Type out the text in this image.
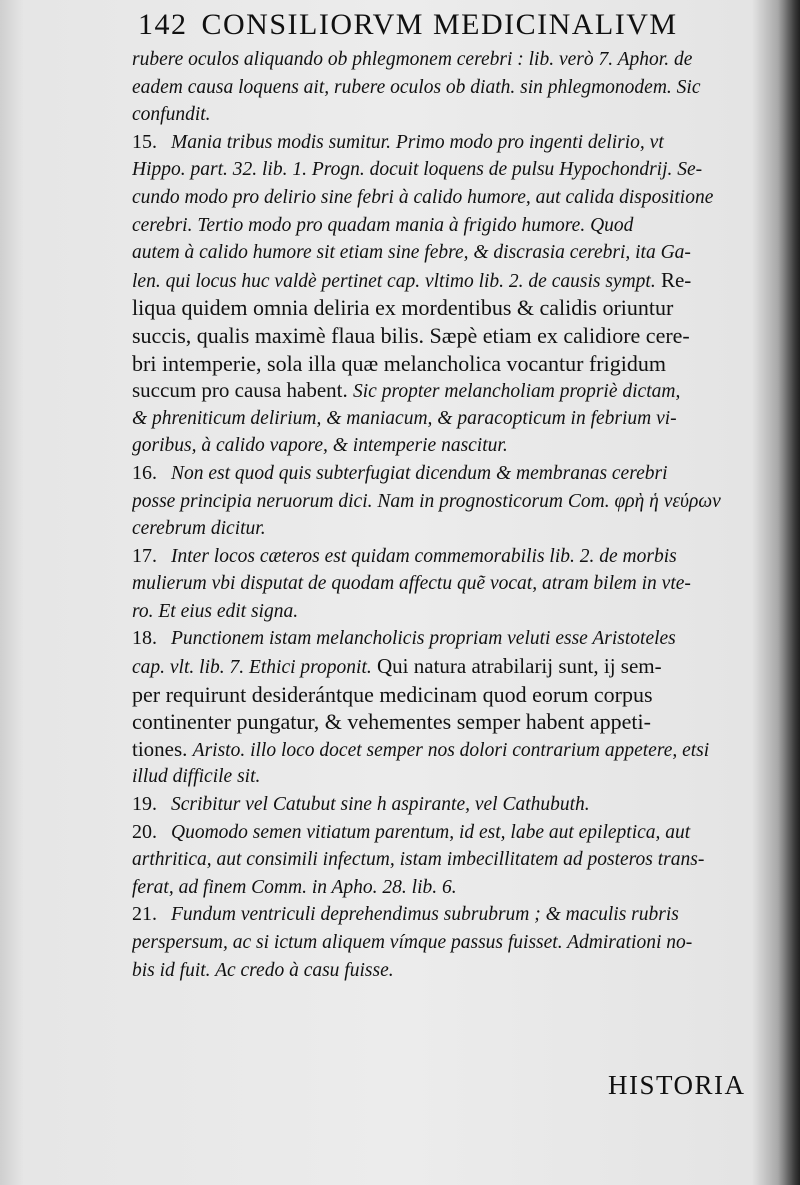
142 CONSILIORVM MEDICINALIVM
rubere oculos aliquando ob phlegmonem cerebri : lib. verò 7. Aphor. de
eadem causa loquens ait, rubere oculos ob diath. sin phlegmonodem. Sic
confundit.
15. Mania tribus modis sumitur. Primo modo pro ingenti delirio, vt
Hippo. part. 32. lib. 1. Progn. docuit loquens de pulsu Hypochondrij. Se-
cundo modo pro delirio sine febri à calido humore, aut calida dispositione
cerebri. Tertio modo pro quadam mania à frigido humore. Quod
autem à calido humore sit etiam sine febre, & discrasia cerebri, ita Ga-
len. qui locus huc valdè pertinet cap. vltimo lib. 2. de causis sympt. Re-
liqua quidem omnia deliria ex mordentibus & calidis oriuntur
succis, qualis maximè flaua bilis. Sæpè etiam ex calidiore cere-
bri intemperie, sola illa quæ melancholica vocantur frigidum
succum pro causa habent. Sic propter melancholiam propriè dictam,
& phreniticum delirium, & maniacum, & paracopticum in febrium vi-
goribus, à calido vapore, & intemperie nascitur.
16. Non est quod quis subterfugiat dicendum & membranas cerebri
posse principia neruorum dici. Nam in prognosticorum Com. φρὴ ἡ νεύρων
cerebrum dicitur.
17. Inter locos cæteros est quidam commemorabilis lib. 2. de morbis
mulierum vbi disputat de quodam affectu quẽ vocat, atram bilem in vte-
ro. Et eius edit signa.
18. Punctionem istam melancholicis propriam veluti esse Aristoteles
cap. vlt. lib. 7. Ethici proponit. Qui natura atrabilarij sunt, ij sem-
per requirunt desiderántque medicinam quod eorum corpus
continenter pungatur, & vehementes semper habent appeti-
tiones. Aristo. illo loco docet semper nos dolori contrarium appetere, etsi
illud difficile sit.
19. Scribitur vel Catubut sine h aspirante, vel Cathubuth.
20. Quomodo semen vitiatum parentum, id est, labe aut epileptica, aut
arthritica, aut consimili infectum, istam imbecillitatem ad posteros trans-
ferat, ad finem Comm. in Apho. 28. lib. 6.
21. Fundum ventriculi deprehendimus subrubrum ; & maculis rubris
perspersum, ac si ictum aliquem vímque passus fuisset. Admirationi no-
bis id fuit. Ac credo à casu fuisse.
HISTORIA
